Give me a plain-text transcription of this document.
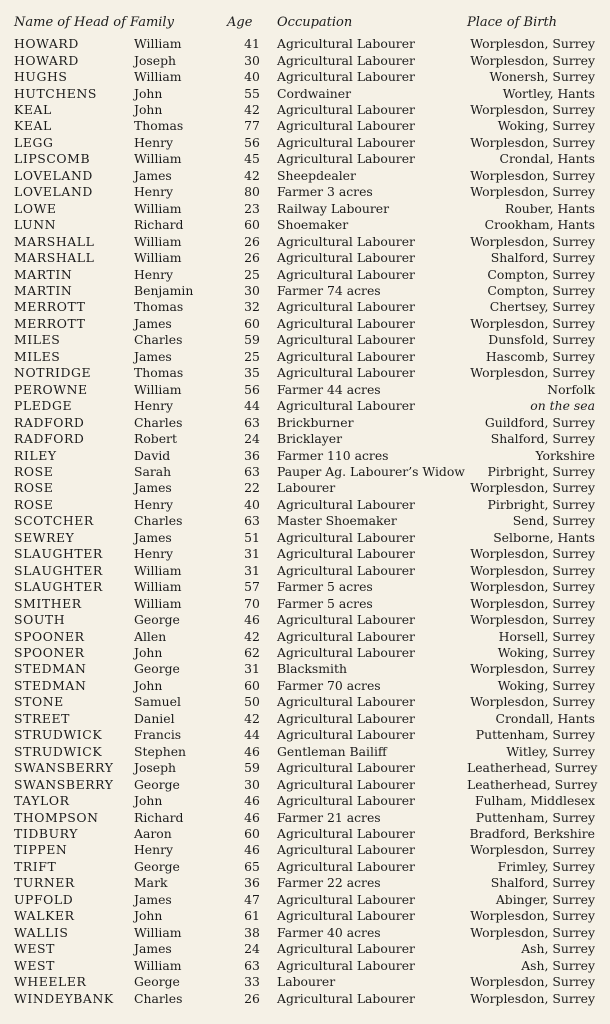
Name of Head of Family		Age	Occupation	Place of Birth
HOWARD	William	41	Agricultural Labourer	Worplesdon, Surrey
HOWARD	Joseph	30	Agricultural Labourer	Worplesdon, Surrey
HUGHS	William	40	Agricultural Labourer	Wonersh, Surrey
HUTCHENS	John	55	Cordwainer	Wortley, Hants
KEAL	John	42	Agricultural Labourer	Worplesdon, Surrey
KEAL	Thomas	77	Agricultural Labourer	Woking, Surrey
LEGG	Henry	56	Agricultural Labourer	Worplesdon, Surrey
LIPSCOMB	William	45	Agricultural Labourer	Crondal, Hants
LOVELAND	James	42	Sheepdealer	Worplesdon, Surrey
LOVELAND	Henry	80	Farmer 3 acres	Worplesdon, Surrey
LOWE	William	23	Railway Labourer	Rouber, Hants
LUNN	Richard	60	Shoemaker	Crookham, Hants
MARSHALL	William	26	Agricultural Labourer	Worplesdon, Surrey
MARSHALL	William	26	Agricultural Labourer	Shalford, Surrey
MARTIN	Henry	25	Agricultural Labourer	Compton, Surrey
MARTIN	Benjamin	30	Farmer 74 acres	Compton, Surrey
MERROTT	Thomas	32	Agricultural Labourer	Chertsey, Surrey
MERROTT	James	60	Agricultural Labourer	Worplesdon, Surrey
MILES	Charles	59	Agricultural Labourer	Dunsfold, Surrey
MILES	James	25	Agricultural Labourer	Hascomb, Surrey
NOTRIDGE	Thomas	35	Agricultural Labourer	Worplesdon, Surrey
PEROWNE	William	56	Farmer 44 acres	Norfolk
PLEDGE	Henry	44	Agricultural Labourer	on the sea
RADFORD	Charles	63	Brickburner	Guildford, Surrey
RADFORD	Robert	24	Bricklayer	Shalford, Surrey
RILEY	David	36	Farmer 110 acres	Yorkshire
ROSE	Sarah	63	Pauper Ag. Labourer’s Widow	Pirbright, Surrey
ROSE	James	22	Labourer	Worplesdon, Surrey
ROSE	Henry	40	Agricultural Labourer	Pirbright, Surrey
SCOTCHER	Charles	63	Master Shoemaker	Send, Surrey
SEWREY	James	51	Agricultural Labourer	Selborne, Hants
SLAUGHTER	Henry	31	Agricultural Labourer	Worplesdon, Surrey
SLAUGHTER	William	31	Agricultural Labourer	Worplesdon, Surrey
SLAUGHTER	William	57	Farmer 5 acres	Worplesdon, Surrey
SMITHER	William	70	Farmer 5 acres	Worplesdon, Surrey
SOUTH	George	46	Agricultural Labourer	Worplesdon, Surrey
SPOONER	Allen	42	Agricultural Labourer	Horsell, Surrey
SPOONER	John	62	Agricultural Labourer	Woking, Surrey
STEDMAN	George	31	Blacksmith	Worplesdon, Surrey
STEDMAN	John	60	Farmer 70 acres	Woking, Surrey
STONE	Samuel	50	Agricultural Labourer	Worplesdon, Surrey
STREET	Daniel	42	Agricultural Labourer	Crondall, Hants
STRUDWICK	Francis	44	Agricultural Labourer	Puttenham, Surrey
STRUDWICK	Stephen	46	Gentleman Bailiff	Witley, Surrey
SWANSBERRY	Joseph	59	Agricultural Labourer	Leatherhead, Surrey
SWANSBERRY	George	30	Agricultural Labourer	Leatherhead, Surrey
TAYLOR	John	46	Agricultural Labourer	Fulham, Middlesex
THOMPSON	Richard	46	Farmer 21 acres	Puttenham, Surrey
TIDBURY	Aaron	60	Agricultural Labourer	Bradford, Berkshire
TIPPEN	Henry	46	Agricultural Labourer	Worplesdon, Surrey
TRIFT	George	65	Agricultural Labourer	Frimley, Surrey
TURNER	Mark	36	Farmer 22 acres	Shalford, Surrey
UPFOLD	James	47	Agricultural Labourer	Abinger, Surrey
WALKER	John	61	Agricultural Labourer	Worplesdon, Surrey
WALLIS	William	38	Farmer 40 acres	Worplesdon, Surrey
WEST	James	24	Agricultural Labourer	Ash, Surrey
WEST	William	63	Agricultural Labourer	Ash, Surrey
WHEELER	George	33	Labourer	Worplesdon, Surrey
WINDEYBANK	Charles	26	Agricultural Labourer	Worplesdon, Surrey
